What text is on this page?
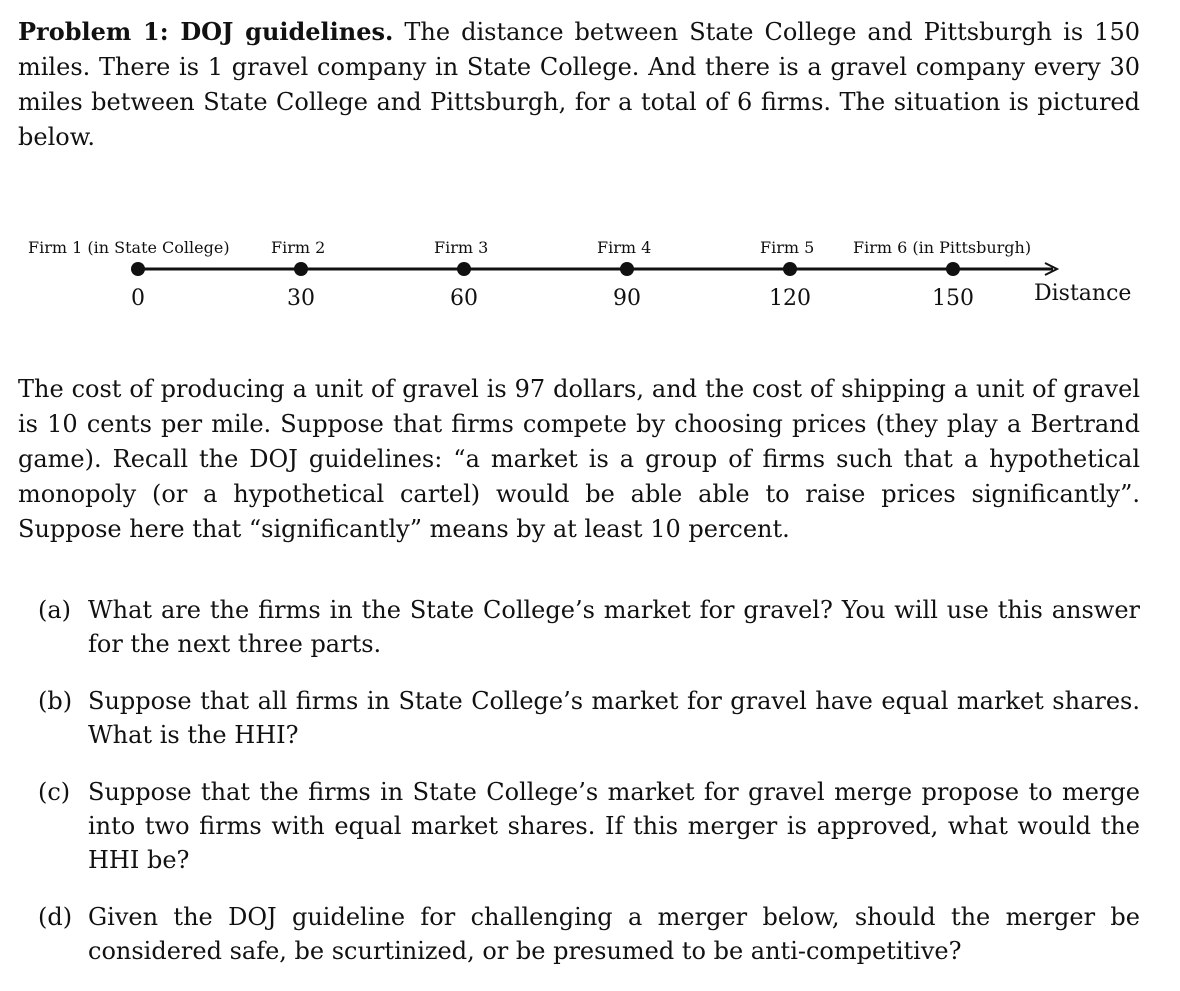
Problem 1: DOJ guidelines. The distance between State College and Pittsburgh is 150 miles. There is 1 gravel company in State College. And there is a gravel company every 30 miles between State College and Pittsburgh, for a total of 6 firms. The situation is pictured below.

Firm 1 (in State College)	Firm 2	Firm 3	Firm 4	Firm 5 Firm 6 (in Pittsburgh)
0	30	60	90	120	150	Distance

The cost of producing a unit of gravel is 97 dollars, and the cost of shipping a unit of gravel is 10 cents per mile. Suppose that firms compete by choosing prices (they play a Bertrand game). Recall the DOJ guidelines: “a market is a group of firms such that a hypothetical monopoly (or a hypothetical cartel) would be able able to raise prices significantly”. Suppose here that “significantly” means by at least 10 percent.

(a) What are the firms in the State College’s market for gravel? You will use this answer for the next three parts.
(b) Suppose that all firms in State College’s market for gravel have equal market shares. What is the HHI?
(c) Suppose that the firms in State College’s market for gravel merge propose to merge into two firms with equal market shares. If this merger is approved, what would the HHI be?
(d) Given the DOJ guideline for challenging a merger below, should the merger be considered safe, be scurtinized, or be presumed to be anti-competitive?
